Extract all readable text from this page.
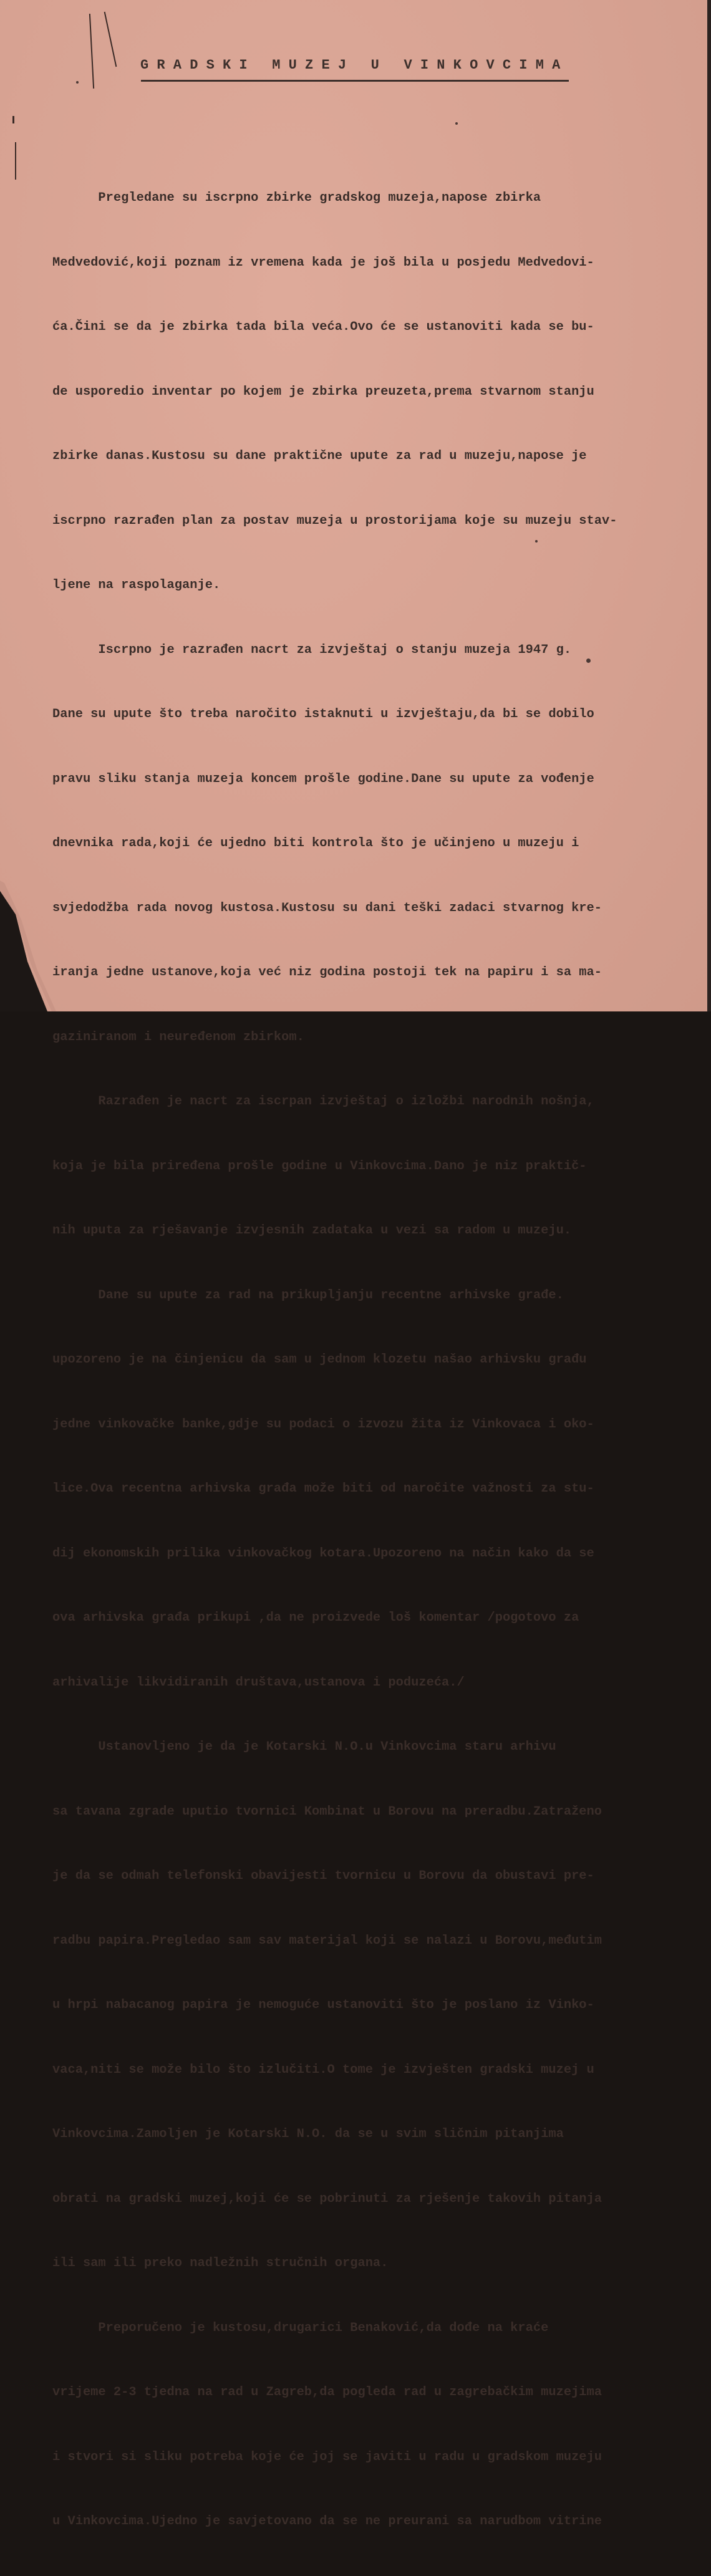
G R A D S K I   M U Z E J   U   V I N K O V C I M A

Pregledane su iscrpno zbirke gradskog muzeja,napose zbirka

Medvedović,koji poznam iz vremena kada je još bila u posjedu Medvedovi-

ća.Čini se da je zbirka tada bila veća.Ovo će se ustanoviti kada se bu-

de usporedio inventar po kojem je zbirka preuzeta,prema stvarnom stanju

zbirke danas.Kustosu su dane praktične upute za rad u muzeju,napose je

iscrpno razrađen plan za postav muzeja u prostorijama koje su muzeju stav-

ljene na raspolaganje.

Iscrpno je razrađen nacrt za izvještaj o stanju muzeja 1947 g.

Dane su upute što treba naročito istaknuti u izvještaju,da bi se dobilo

pravu sliku stanja muzeja koncem prošle godine.Dane su upute za vođenje

dnevnika rada,koji će ujedno biti kontrola što je učinjeno u muzeju i

svjedodžba rada novog kustosa.Kustosu su dani teški zadaci stvarnog kre-

iranja jedne ustanove,koja već niz godina postoji tek na papiru i sa ma-

gaziniranom i neuređenom zbirkom.

Razrađen je nacrt za iscrpan izvještaj o izložbi narodnih nošnja,

koja je bila priređena prošle godine u Vinkovcima.Dano je niz praktič-

nih uputa za rješavanje izvjesnih zadataka u vezi sa radom u muzeju.

Dane su upute za rad na prikupljanju recentne arhivske građe.

upozoreno je na činjenicu da sam u jednom klozetu našao arhivsku građu

jedne vinkovačke banke,gdje su podaci o izvozu žita iz Vinkovaca i oko-

lice.Ova recentna arhivska građa može biti od naročite važnosti za stu-

dij ekonomskih prilika vinkovačkog kotara.Upozoreno na način kako da se

ova arhivska građa prikupi ,da ne proizvede loš komentar /pogotovo za

arhivalije likvidiranih društava,ustanova i poduzeća./

Ustanovljeno je da je Kotarski N.O.u Vinkovcima staru arhivu

sa tavana zgrade uputio tvornici Kombinat u Borovu na preradbu.Zatraženo

je da se odmah telefonski obavijesti tvornicu u Borovu da obustavi pre-

radbu papira.Pregledao sam sav materijal koji se nalazi u Borovu,međutim

u hrpi nabacanog papira je nemoguće ustanoviti što je poslano iz Vinko-

vaca,niti se može bilo što izlučiti.O tome je izvješten gradski muzej u

Vinkovcima.Zamoljen je Kotarski N.O. da se u svim sličnim pitanjima

obrati na gradski muzej,koji će se pobrinuti za rješenje takovih pitanja

ili sam ili preko nadležnih stručnih organa.

Preporučeno je kustosu,drugarici Benaković,da dođe na kraće

vrijeme 2-3 tjedna na rad u Zagreb,da pogleda rad u zagrebačkim muzejima

i stvori si sliku potreba koje će joj se javiti u radu u gradskom muzeju

u Vinkovcima.Ujedno je savjetovano da se ne preurani sa narudbom vitrine
